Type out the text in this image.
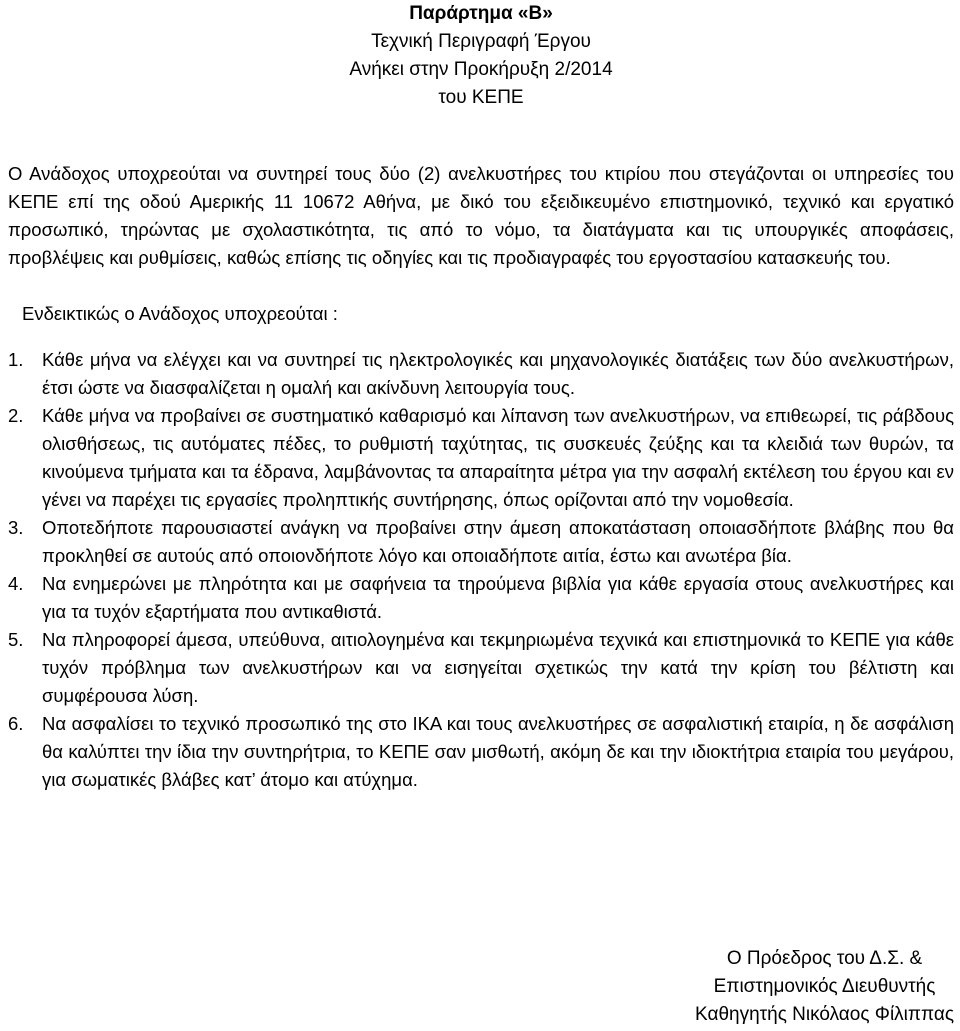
Παράρτημα «Β»
Τεχνική Περιγραφή Έργου
Ανήκει στην Προκήρυξη 2/2014
του ΚΕΠΕ
Ο Ανάδοχος υποχρεούται να συντηρεί τους δύο (2) ανελκυστήρες του κτιρίου που στεγάζονται οι υπηρεσίες του ΚΕΠΕ επί της οδού Αμερικής 11 10672 Αθήνα, με δικό του εξειδικευμένο επιστημονικό, τεχνικό και εργατικό προσωπικό, τηρώντας με σχολαστικότητα, τις από το νόμο, τα διατάγματα και τις υπουργικές αποφάσεις, προβλέψεις και ρυθμίσεις, καθώς επίσης τις οδηγίες και τις προδιαγραφές του εργοστασίου κατασκευής του.
Ενδεικτικώς ο Ανάδοχος υποχρεούται :
1. Κάθε μήνα να ελέγχει και να συντηρεί τις ηλεκτρολογικές και μηχανολογικές διατάξεις των δύο ανελκυστήρων, έτσι ώστε να διασφαλίζεται η ομαλή και ακίνδυνη λειτουργία τους.
2. Κάθε μήνα να προβαίνει σε συστηματικό καθαρισμό και λίπανση των ανελκυστήρων, να επιθεωρεί, τις ράβδους ολισθήσεως, τις αυτόματες πέδες, το ρυθμιστή ταχύτητας, τις συσκευές ζεύξης και τα κλειδιά των θυρών, τα κινούμενα τμήματα και τα έδρανα, λαμβάνοντας τα απαραίτητα μέτρα για την ασφαλή εκτέλεση του έργου και εν γένει να παρέχει τις εργασίες προληπτικής συντήρησης, όπως ορίζονται από την νομοθεσία.
3. Οποτεδήποτε παρουσιαστεί ανάγκη να προβαίνει στην άμεση αποκατάσταση οποιασδήποτε βλάβης που θα προκληθεί σε αυτούς από οποιονδήποτε λόγο και οποιαδήποτε αιτία, έστω και ανωτέρα βία.
4. Να ενημερώνει με πληρότητα και με σαφήνεια τα τηρούμενα βιβλία για κάθε εργασία στους ανελκυστήρες και για τα τυχόν εξαρτήματα που αντικαθιστά.
5. Να πληροφορεί άμεσα, υπεύθυνα, αιτιολογημένα και τεκμηριωμένα τεχνικά και επιστημονικά το ΚΕΠΕ για κάθε τυχόν πρόβλημα των ανελκυστήρων και να εισηγείται σχετικώς την κατά την κρίση του βέλτιστη και συμφέρουσα λύση.
6. Να ασφαλίσει το τεχνικό προσωπικό της στο ΙΚΑ και τους ανελκυστήρες σε ασφαλιστική εταιρία, η δε ασφάλιση θα καλύπτει την ίδια την συντηρήτρια, το ΚΕΠΕ σαν μισθωτή, ακόμη δε και την ιδιοκτήτρια εταιρία του μεγάρου, για σωματικές βλάβες κατ’ άτομο και ατύχημα.
Ο Πρόεδρος του Δ.Σ. &
Επιστημονικός Διευθυντής
Καθηγητής Νικόλαος Φίλιππας
